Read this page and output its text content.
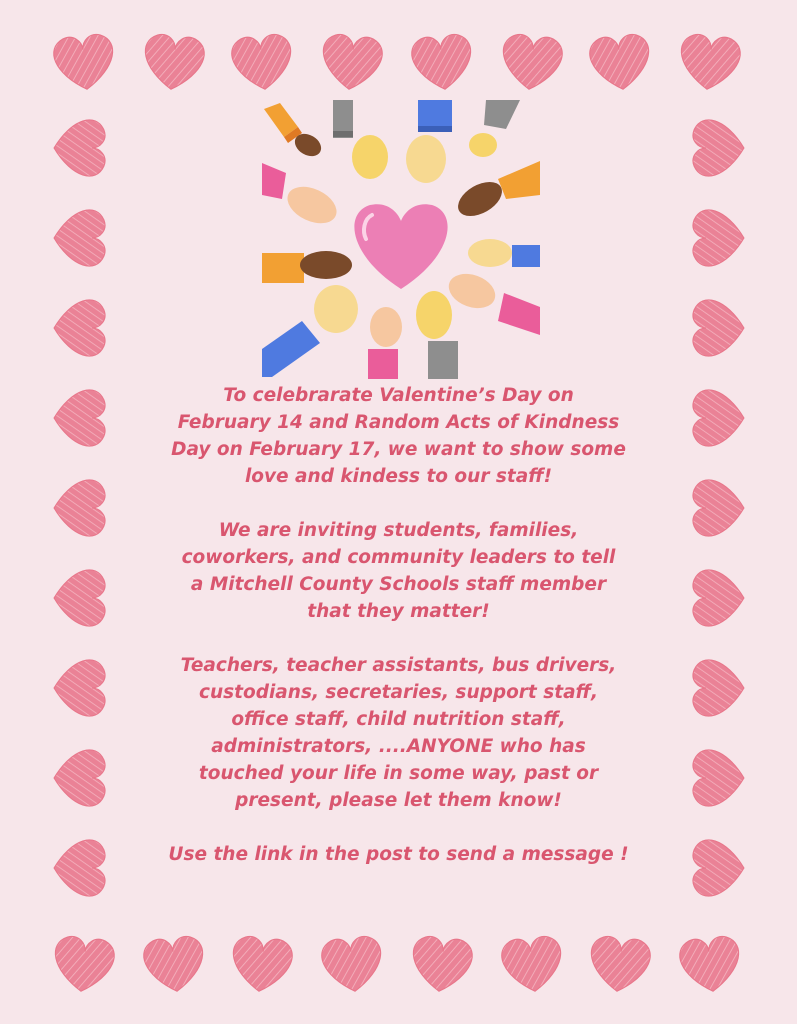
To celebrarate Valentine’s Day on
February 14 and Random Acts of Kindness
Day on February 17, we want to show some
love and kindess to our staff!

We are inviting students, families,
coworkers, and community leaders to tell
a Mitchell County Schools staff member
that they matter!

Teachers, teacher assistants, bus drivers,
custodians, secretaries, support staff,
office staff, child nutrition staff,
administrators, ....ANYONE who has
touched your life in some way, past or
present, please let them know!

Use the link in the post to send a message !
